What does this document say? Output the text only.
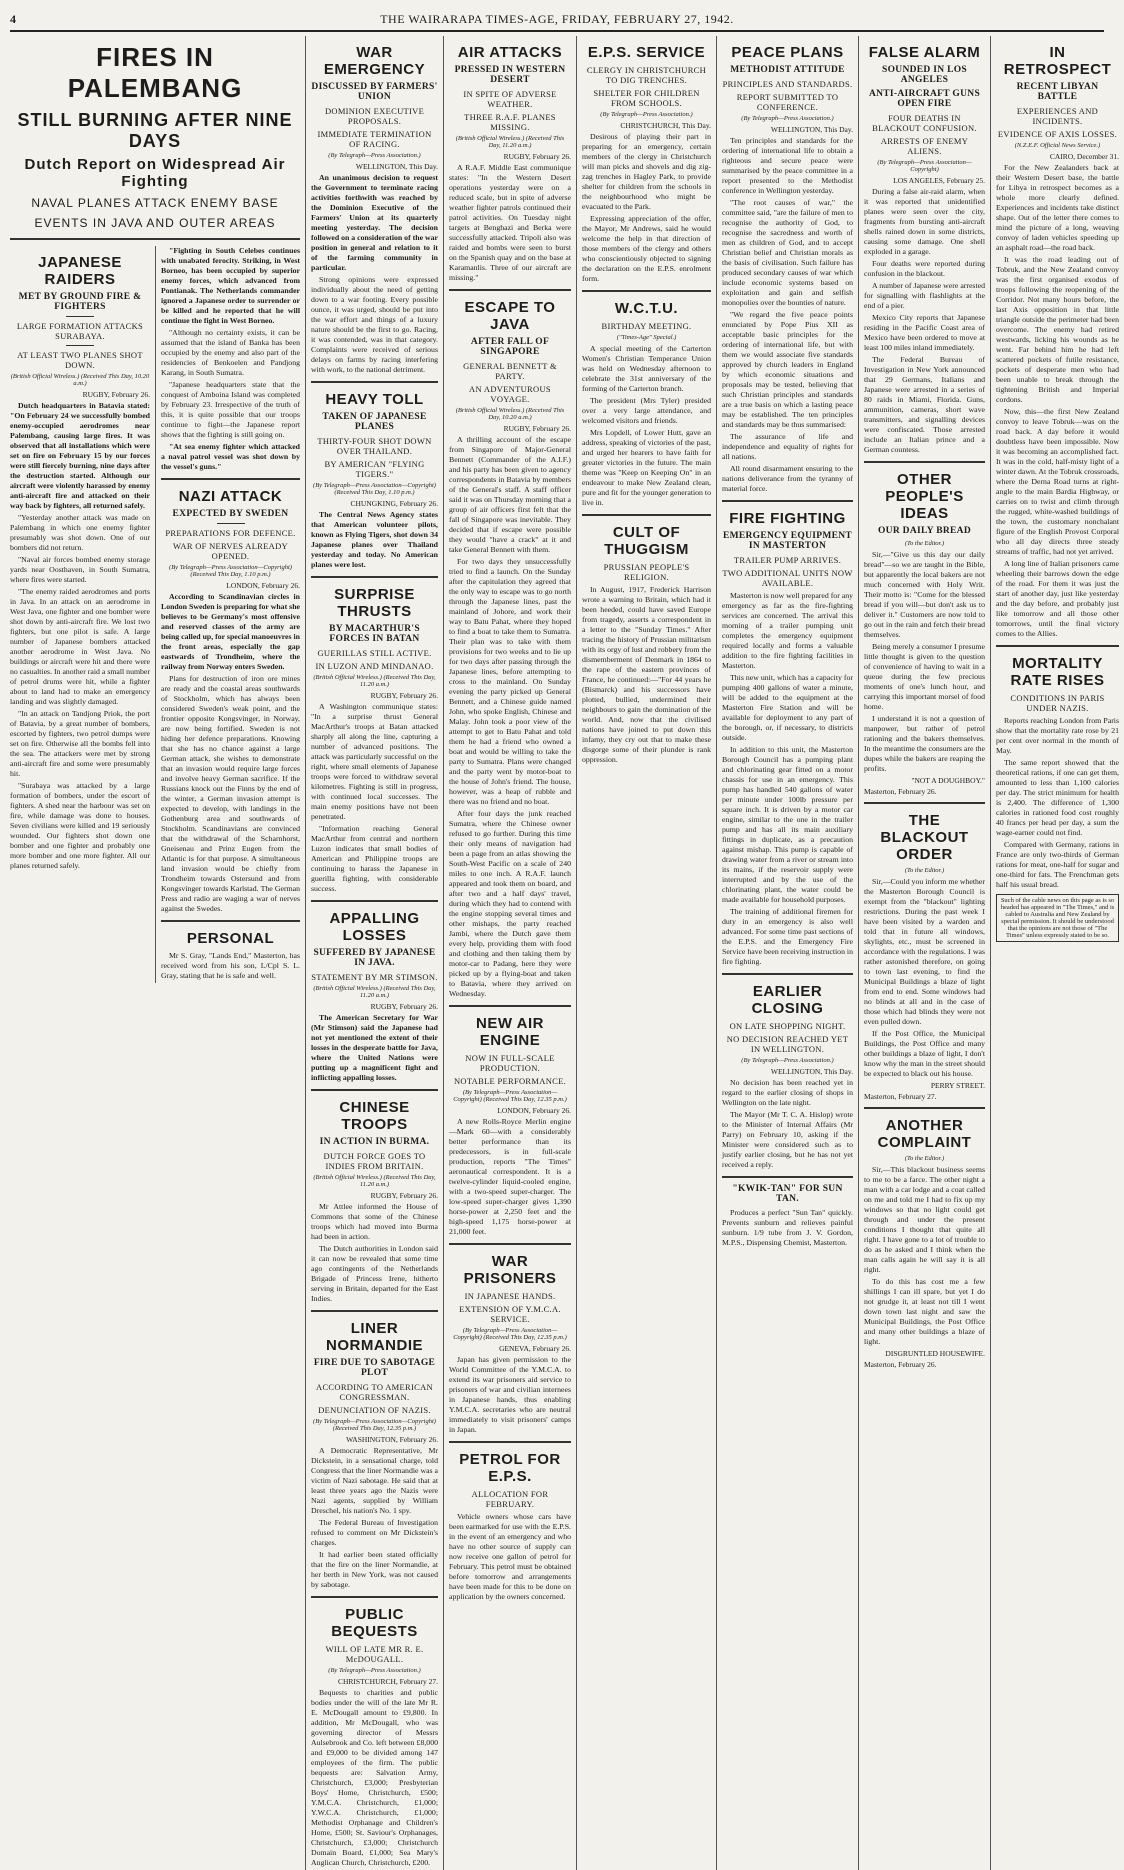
4	THE WAIRARAPA TIMES-AGE, FRIDAY, FEBRUARY 27, 1942.
FIRES IN PALEMBANG
STILL BURNING AFTER NINE DAYS
Dutch Report on Widespread Air Fighting
NAVAL PLANES ATTACK ENEMY BASE
EVENTS IN JAVA AND OUTER AREAS
JAPANESE RAIDERS
MET BY GROUND FIRE & FIGHTERS
LARGE FORMATION ATTACKS SURABAYA.
AT LEAST TWO PLANES SHOT DOWN.
(British Official Wireless.) (Received This Day, 10.20 a.m.)
RUGBY, February 26.

Dutch headquarters in Batavia stated: "On February 24 we successfully bombed enemy-occupied aerodromes near Palembang, causing large fires. It was observed that all installations which were set on fire on February 15 by our forces were still fiercely burning, nine days after the destruction started. Although our aircraft were violently harassed by enemy anti-aircraft fire and attacked on their way back by fighters, all returned safely.

"Yesterday another attack was made on Palembang in which one enemy fighter presumably was shot down. One of our bombers did not return.

"Naval air forces bombed enemy storage yards near Oosthaven, in South Sumatra, where fires were started.

"The enemy raided aerodromes and ports in Java. In an attack on an aerodrome in West Java, one fighter and one bomber were shot down by anti-aircraft fire. We lost two fighters, but one pilot is safe. A large number of Japanese bombers attacked another aerodrome in West Java. No buildings or aircraft were hit and there were no casualties. In another raid a small number of petrol drums were hit, while a fighter about to land had to make an emergency landing and was slightly damaged.

"In an attack on Tandjong Priok, the port of Batavia, by a great number of bombers, escorted by fighters, two petrol dumps were set on fire. Otherwise all the bombs fell into the sea. The attackers were met by strong anti-aircraft fire and some were presumably hit.

"Surabaya was attacked by a large formation of bombers, under the escort of fighters. A shed near the harbour was set on fire, while damage was done to houses. Seven civilians were killed and 19 seriously wounded. Our fighters shot down one bomber and one fighter and probably one more bomber and one more fighter. All our planes returned safely.

"Fighting in South Celebes continues with unabated ferocity. Striking, in West Borneo, has been occupied by superior enemy forces, which advanced from Pontianak. The Netherlands commander ignored a Japanese order to surrender or be killed and he reported that he will continue the fight in West Borneo.

"Although no certainty exists, it can be assumed that the island of Banka has been occupied by the enemy and also part of the residencies of Benkoelen and Pandjong Karang, in South Sumatra.

"Japanese headquarters state that the conquest of Amboina Island was completed by February 23. Irrespective of the truth of this, it is quite possible that our troops continue to fight—the Japanese report shows that the fighting is still going on.

"At sea enemy fighter which attacked a naval patrol vessel was shot down by the vessel's guns."

NAZI ATTACK
EXPECTED BY SWEDEN
PREPARATIONS FOR DEFENCE.
WAR OF NERVES ALREADY OPENED.
(By Telegraph—Press Association—Copyright) (Received This Day, 1.10 p.m.)
LONDON, February 26.

According to Scandinavian circles in London Sweden is preparing for what she believes to be Germany's most offensive and reserved classes of the army are being called up, for special manoeuvres in the front areas, especially the gap eastwards of Trondheim, where the railway from Norway enters Sweden.

Plans for destruction of iron ore mines are ready and the coastal areas southwards of Stockholm, which has always been considered Sweden's weak point, and the frontier opposite Kongsvinger, in Norway, are now being fortified. Sweden is not hiding her defence preparations. Knowing that she has no chance against a large German attack, she wishes to demonstrate that an invasion would require large forces and involve heavy German sacrifice. If the Russians knock out the Finns by the end of the winter, a German invasion attempt is expected to develop, with landings in the Gothenburg area and southwards of Stockholm. Scandinavians are convinced that the withdrawal of the Scharnhorst, Gneisenau and Prinz Eugen from the Atlantic is for that purpose. A simultaneous land invasion would be chiefly from Trondheim towards Ostersund and from Kongsvinger towards Karlstad. The German Press and radio are waging a war of nerves against the Swedes.

PERSONAL

Mr S. Gray, "Lands End," Masterton, has received word from his son, L/Cpl S. L. Gray, stating that he is safe and well.

WAR EMERGENCY
DISCUSSED BY FARMERS' UNION
DOMINION EXECUTIVE PROPOSALS.
IMMEDIATE TERMINATION OF RACING.
(By Telegraph—Press Association.)
WELLINGTON, This Day.

An unanimous decision to request the Government to terminate racing activities forthwith was reached by the Dominion Executive of the Farmers' Union at its quarterly meeting yesterday. The decision followed on a consideration of the war position in general and relation to it of the farming community in particular.

Strong opinions were expressed individually about the need of getting down to a war footing. Every possible ounce, it was urged, should be put into the war effort and things of a luxury nature should be the first to go. Racing, it was contended, was in that category. Complaints were received of serious delays on farms by racing interfering with work, to the national detriment.

HEAVY TOLL
TAKEN OF JAPANESE PLANES
THIRTY-FOUR SHOT DOWN OVER THAILAND.
BY AMERICAN "FLYING TIGERS."
(By Telegraph—Press Association—Copyright) (Received This Day, 1.10 p.m.)
CHUNGKING, February 26.

The Central News Agency states that American volunteer pilots, known as Flying Tigers, shot down 34 Japanese planes over Thailand yesterday and today. No American planes were lost.

SURPRISE THRUSTS
BY MACARTHUR'S FORCES IN BATAN
GUERILLAS STILL ACTIVE.
IN LUZON AND MINDANAO.
(British Official Wireless.) (Received This Day, 11.20 a.m.)
RUGBY, February 26.

A Washington communique states: "In a surprise thrust General MacArthur's troops at Batan attacked sharply all along the line, capturing a number of advanced positions. The attack was particularly successful on the right, where small elements of Japanese troops were forced to withdraw several kilometres. Fighting is still in progress, with continued local successes. The main enemy positions have not been penetrated.

"Information reaching General MacArthur from central and northern Luzon indicates that small bodies of American and Philippine troops are continuing to harass the Japanese in guerilla fighting, with considerable success.

APPALLING LOSSES
SUFFERED BY JAPANESE IN JAVA.
STATEMENT BY MR STIMSON.
(British Official Wireless.) (Received This Day, 11.20 a.m.)
RUGBY, February 26.

The American Secretary for War (Mr Stimson) said the Japanese had not yet mentioned the extent of their losses in the desperate battle for Java, where the United Nations were putting up a magnificent fight and inflicting appalling losses.

CHINESE TROOPS
IN ACTION IN BURMA.
DUTCH FORCE GOES TO INDIES FROM BRITAIN.
(British Official Wireless.) (Received This Day, 11.20 a.m.)
RUGBY, February 26.

Mr Attlee informed the House of Commons that some of the Chinese troops which had moved into Burma had been in action.

The Dutch authorities in London said it can now be revealed that some time ago contingents of the Netherlands Brigade of Princess Irene, hitherto serving in Britain, departed for the East Indies.

LINER NORMANDIE
FIRE DUE TO SABOTAGE PLOT
ACCORDING TO AMERICAN CONGRESSMAN.
DENUNCIATION OF NAZIS.
(By Telegraph—Press Association—Copyright) (Received This Day, 12.35 p.m.)
WASHINGTON, February 26.

A Democratic Representative, Mr Dickstein, in a sensational charge, told Congress that the liner Normandie was a victim of Nazi sabotage. He said that at least three years ago the Nazis were Nazi agents, supplied by William Dreschel, his nation's No. 1 spy.

The Federal Bureau of Investigation refused to comment on Mr Dickstein's charges.

It had earlier been stated officially that the fire on the liner Normandie, at her berth in New York, was not caused by sabotage.

PUBLIC BEQUESTS
WILL OF LATE MR R. E. McDOUGALL.
(By Telegraph—Press Association.)
CHRISTCHURCH, February 27.

Bequests to charities and public bodies under the will of the late Mr R. E. McDougall amount to £9,800. In addition, Mr McDougall, who was governing director of Messrs Aulsebrook and Co. left between £8,000 and £9,000 to be divided among 147 employees of the firm. The public bequests are: Salvation Army, Christchurch, £3,000; Presbyterian Boys' Home, Christchurch, £500; Y.M.C.A. Christchurch, £1,000; Y.W.C.A. Christchurch, £1,000; Methodist Orphanage and Children's Home, £500; St. Saviour's Orphanages, Christchurch, £3,000; Christchurch Domain Board, £1,000; Sea Mary's Anglican Church, Christchurch, £200.

AIR ATTACKS
PRESSED IN WESTERN DESERT
IN SPITE OF ADVERSE WEATHER.
THREE R.A.F. PLANES MISSING.
(British Official Wireless.) (Received This Day, 11.20 a.m.)
RUGBY, February 26.

A R.A.F. Middle East communique states: "In the Western Desert operations yesterday were on a reduced scale, but in spite of adverse weather fighter patrols continued their patrol activities. On Tuesday night targets at Benghazi and Berka were successfully attacked. Tripoli also was raided and bombs were seen to burst on the Spanish quay and on the base at Karamanlis. Three of our aircraft are missing."

ESCAPE TO JAVA
AFTER FALL OF SINGAPORE
GENERAL BENNETT & PARTY.
AN ADVENTUROUS VOYAGE.
(British Official Wireless.) (Received This Day, 10.20 a.m.)
RUGBY, February 26.

A thrilling account of the escape from Singapore of Major-General Bennett (Commander of the A.I.F.) and his party has been given to agency correspondents in Batavia by members of the General's staff. A staff officer said it was on Thursday morning that a group of air officers first felt that the fall of Singapore was inevitable. They decided that if escape were possible they would "have a crack" at it and take General Bennett with them.

For two days they unsuccessfully tried to find a launch. On the Sunday after the capitulation they agreed that the only way to escape was to go north through the Japanese lines, past the mainland of Johore, and work their way to Batu Pahat, where they hoped to find a boat to take them to Sumatra. Their plan was to take with them provisions for two weeks and to lie up for two days after passing through the Japanese lines, before attempting to cross to the mainland. On Sunday evening the party picked up General Bennett, and a Chinese guide named John, who spoke English, Chinese and Malay. John took a poor view of the attempt to get to Batu Pahat and told them he had a friend who owned a boat and would be willing to take the party to Sumatra. Plans were changed and the party went by motor-boat to the house of John's friend. The house, however, was a heap of rubble and there was no friend and no boat.

After four days the junk reached Sumatra, where the Chinese owner refused to go further. During this time their only means of navigation had been a page from an atlas showing the South-West Pacific on a scale of 240 miles to one inch. A R.A.F. launch appeared and took them on board, and after two and a half days' travel, during which they had to contend with the engine stopping several times and other mishaps, the party reached Jambi, where the Dutch gave them every help, providing them with food and clothing and then taking them by motor-car to Padang, here they were picked up by a flying-boat and taken to Batavia, where they arrived on Wednesday.

NEW AIR ENGINE
NOW IN FULL-SCALE PRODUCTION.
NOTABLE PERFORMANCE.
(By Telegraph—Press Association—Copyright) (Received This Day, 12.35 p.m.)
LONDON, February 26.

A new Rolls-Royce Merlin engine—Mark 60—with a considerably better performance than its predecessors, is in full-scale production, reports "The Times" aeronautical correspondent. It is a twelve-cylinder liquid-cooled engine, with a two-speed super-charger. The low-speed super-charger gives 1,390 horse-power at 2,250 feet and the high-speed 1,175 horse-power at 21,000 feet.

WAR PRISONERS
IN JAPANESE HANDS.
EXTENSION OF Y.M.C.A. SERVICE.
(By Telegraph—Press Association—Copyright) (Received This Day, 12.35 p.m.)
GENEVA, February 26.

Japan has given permission to the World Committee of the Y.M.C.A. to extend its war prisoners aid service to prisoners of war and civilian internees in Japanese hands, thus enabling Y.M.C.A. secretaries who are neutral immediately to visit prisoners' camps in Japan.

PETROL FOR E.P.S.
ALLOCATION FOR FEBRUARY.

Vehicle owners whose cars have been earmarked for use with the E.P.S. in the event of an emergency and who have no other source of supply can now receive one gallon of petrol for February. This petrol must be obtained before tomorrow and arrangements have been made for this to be done on application by the owners concerned.

E.P.S. SERVICE
CLERGY IN CHRISTCHURCH TO DIG TRENCHES.
SHELTER FOR CHILDREN FROM SCHOOLS.
(By Telegraph—Press Association.)
CHRISTCHURCH, This Day.

Desirous of playing their part in preparing for an emergency, certain members of the clergy in Christchurch will man picks and shovels and dig zig-zag trenches in Hagley Park, to provide shelter for children from the schools in the neighbourhood who might be evacuated to the Park.

Expressing appreciation of the offer, the Mayor, Mr Andrews, said he would welcome the help in that direction of those members of the clergy and others who conscientiously objected to signing the declaration on the E.P.S. enrolment form.

W.C.T.U.
BIRTHDAY MEETING.
("Times-Age" Special.)

A special meeting of the Carterton Women's Christian Temperance Union was held on Wednesday afternoon to celebrate the 31st anniversary of the forming of the Carterton branch.

The president (Mrs Tyler) presided over a very large attendance, and welcomed visitors and friends.

Mrs Lopdell, of Lower Hutt, gave an address, speaking of victories of the past, and urged her hearers to have faith for greater victories in the future. The main theme was "Keep on Keeping On" in an endeavour to make New Zealand clean, pure and fit for the younger generation to live in.

CULT OF THUGGISM
PRUSSIAN PEOPLE'S RELIGION.

In August, 1917, Frederick Harrison wrote a warning to Britain, which had it been heeded, could have saved Europe from tragedy, asserts a correspondent in a letter to the "Sunday Times." After tracing the history of Prussian militarism with its orgy of lust and robbery from the dismemberment of Denmark in 1864 to the rape of the eastern provinces of France, he continued:—"For 44 years he (Bismarck) and his successors have plotted, bullied, undermined their neighbours to gain the domination of the world. And, now that the civilised nations have joined to put down this infamy, they cry out that to make these disgorge some of their plunder is rank oppression.

PEACE PLANS
METHODIST ATTITUDE
PRINCIPLES AND STANDARDS.
REPORT SUBMITTED TO CONFERENCE.
(By Telegraph—Press Association.)
WELLINGTON, This Day.

Ten principles and standards for the ordering of international life to obtain a righteous and secure peace were summarised by the peace committee in a report presented to the Methodist conference in Wellington yesterday.

"The root causes of war," the committee said, "are the failure of men to recognise the authority of God, to recognise the sacredness and worth of men as children of God, and to accept Christian belief and Christian morals as the basis of civilisation. Such failure has produced secondary causes of war which include economic systems based on exploitation and gain and selfish monopolies over the bounties of nature.

"We regard the five peace points enunciated by Pope Pius XII as acceptable basic principles for the ordering of international life, but with them we would associate five standards approved by church leaders in England by which economic situations and proposals may be tested, believing that such Christian principles and standards are a true basis on which a lasting peace may be established. The ten principles and standards may be thus summarised:

The assurance of life and independence and equality of rights for all nations.

All round disarmament ensuring to the nations deliverance from the tyranny of material force.

FIRE FIGHTING
EMERGENCY EQUIPMENT IN MASTERTON
TRAILER PUMP ARRIVES.
TWO ADDITIONAL UNITS NOW AVAILABLE.

Masterton is now well prepared for any emergency as far as the fire-fighting services are concerned. The arrival this morning of a trailer pumping unit completes the emergency equipment required locally and forms a valuable addition to the fire fighting facilities in Masterton.

This new unit, which has a capacity for pumping 400 gallons of water a minute, will be added to the equipment at the Masterton Fire Station and will be available for deployment to any part of the borough, or, if necessary, to districts outside.

In addition to this unit, the Masterton Borough Council has a pumping plant and chlorinating gear fitted on a motor chassis for use in an emergency. This pump has handled 540 gallons of water per minute under 100lb pressure per square inch. It is driven by a motor car engine, similar to the one in the trailer pump and has all its main auxiliary fittings in duplicate, as a precaution against mishap. This pump is capable of drawing water from a river or stream into its mains, if the reservoir supply were interrupted and by the use of the chlorinating plant, the water could be made available for household purposes.

The training of additional firemen for duty in an emergency is also well advanced. For some time past sections of the E.P.S. and the Emergency Fire Service have been receiving instruction in fire fighting.

EARLIER CLOSING
ON LATE SHOPPING NIGHT.
NO DECISION REACHED YET IN WELLINGTON.
(By Telegraph—Press Association.)
WELLINGTON, This Day.

No decision has been reached yet in regard to the earlier closing of shops in Wellington on the late night.

The Mayor (Mr T. C. A. Hislop) wrote to the Minister of Internal Affairs (Mr Parry) on February 10, asking if the Minister were considered such as to justify earlier closing, but he has not yet received a reply.

"KWIK-TAN" FOR SUN TAN.

Produces a perfect "Sun Tan" quickly. Prevents sunburn and relieves painful sunburn. 1/9 tube from J. V. Gordon, M.P.S., Dispensing Chemist, Masterton.

FALSE ALARM
SOUNDED IN LOS ANGELES
ANTI-AIRCRAFT GUNS OPEN FIRE
FOUR DEATHS IN BLACKOUT CONFUSION.
ARRESTS OF ENEMY ALIENS.
(By Telegraph—Press Association—Copyright)
LOS ANGELES, February 25.

During a false air-raid alarm, when it was reported that unidentified planes were seen over the city, fragments from bursting anti-aircraft shells rained down in some districts, causing some damage. One shell exploded in a garage.

Four deaths were reported during confusion in the blackout.

A number of Japanese were arrested for signalling with flashlights at the end of a pier.

Mexico City reports that Japanese residing in the Pacific Coast area of Mexico have been ordered to move at least 100 miles inland immediately.

The Federal Bureau of Investigation in New York announced that 29 Germans, Italians and Japanese were arrested in a series of 80 raids in Miami, Florida. Guns, ammunition, cameras, short wave transmitters, and signalling devices were confiscated. Those arrested include an Italian prince and a German countess.

OTHER PEOPLE'S IDEAS
OUR DAILY BREAD
(To the Editor.)

Sir,—"Give us this day our daily bread"—so we are taught in the Bible, but apparently the local bakers are not much concerned with Holy Writ. Their motto is: "Come for the blessed bread if you will—but don't ask us to deliver it." Customers are now told to go out in the rain and fetch their bread themselves.

Being merely a consumer I presume little thought is given to the question of convenience of having to wait in a queue during the few precious moments of one's lunch hour, and carrying this important morsel of food home.

I understand it is not a question of manpower, but rather of petrol rationing and the bakers themselves. In the meantime the consumers are the dupes while the bakers are reaping the profits.

"NOT A DOUGHBOY."
Masterton, February 26.
THE BLACKOUT ORDER
(To the Editor.)

Sir,—Could you inform me whether the Masterton Borough Council is exempt from the "blackout" lighting restrictions. During the past week I have been visited by a warden and told that in future all windows, skylights, etc., must be screened in accordance with the regulations. I was rather astonished therefore, on going to town last evening, to find the Municipal Buildings a blaze of light from end to end. Some windows had no blinds at all and in the case of those which had blinds they were not even pulled down.

If the Post Office, the Municipal Buildings, the Post Office and many other buildings a blaze of light, I don't know why the man in the street should be expected to black out his house.

PERRY STREET.
Masterton, February 27.
ANOTHER COMPLAINT
(To the Editor.)

Sir,—This blackout business seems to me to be a farce. The other night a man with a car lodge and a coat called on me and told me I had to fix up my windows so that no light could get through and under the present conditions I thought that quite all right. I have gone to a lot of trouble to do as he asked and I think when the man calls again he will say it is all right.

To do this has cost me a few shillings I can ill spare, but yet I do not grudge it, at least not till I went down town last night and saw the Municipal Buildings, the Post Office and many other buildings a blaze of light.

DISGRUNTLED HOUSEWIFE.
Masterton, February 26.
IN RETROSPECT
RECENT LIBYAN BATTLE
EXPERIENCES AND INCIDENTS.
EVIDENCE OF AXIS LOSSES.
(N.Z.E.F. Official News Service.)
CAIRO, December 31.

For the New Zealanders back at their Western Desert base, the battle for Libya in retrospect becomes as a whole more clearly defined. Experiences and incidents take distinct shape. Out of the letter there comes to mind the picture of a long, weaving convoy of laden vehicles speeding up an asphalt road—the road back.

It was the road leading out of Tobruk, and the New Zealand convoy was the first organised exodus of troops following the reopening of the Corridor. Not many hours before, the last Axis opposition in that little triangle outside the perimeter had been overcome. The enemy had retired westwards, licking his wounds as he went. Far behind him he had left scattered pockets of futile resistance, pockets of desperate men who had been unable to break through the tightening British and Imperial cordons.

Now, this—the first New Zealand convoy to leave Tobruk—was on the road back. A day before it would doubtless have been impossible. Now it was becoming an accomplished fact. It was in the cold, half-misty light of a winter dawn. At the Tobruk crossroads, where the Derna Road turns at right-angle to the main Bardia Highway, or carries on to twist and climb through the rugged, white-washed buildings of the town, the customary nonchalant figure of the English Provost Corporal who all day directs three steady streams of traffic, had not yet arrived.

A long line of Italian prisoners came wheeling their barrows down the edge of the road. For them it was just the start of another day, just like yesterday and the day before, and probably just like tomorrow and all those other tomorrows, until the final victory comes to the Allies.

MORTALITY RATE RISES
CONDITIONS IN PARIS UNDER NAZIS.

Reports reaching London from Paris show that the mortality rate rose by 21 per cent over normal in the month of May.

The same report showed that the theoretical rations, if one can get them, amounted to less than 1,100 calories per day. The strict minimum for health is 2,400. The difference of 1,300 calories in rationed food cost roughly 40 francs per head per day, a sum the wage-earner could not find.

Compared with Germany, rations in France are only two-thirds of German rations for meat, one-half for sugar and one-third for fats. The Frenchman gets half his usual bread.

Such of the cable news on this page as is so headed has appeared in "The Times," and is cabled to Australia and New Zealand by special permission. It should be understood that the opinions are not those of "The Times" unless expressly stated to be so.
